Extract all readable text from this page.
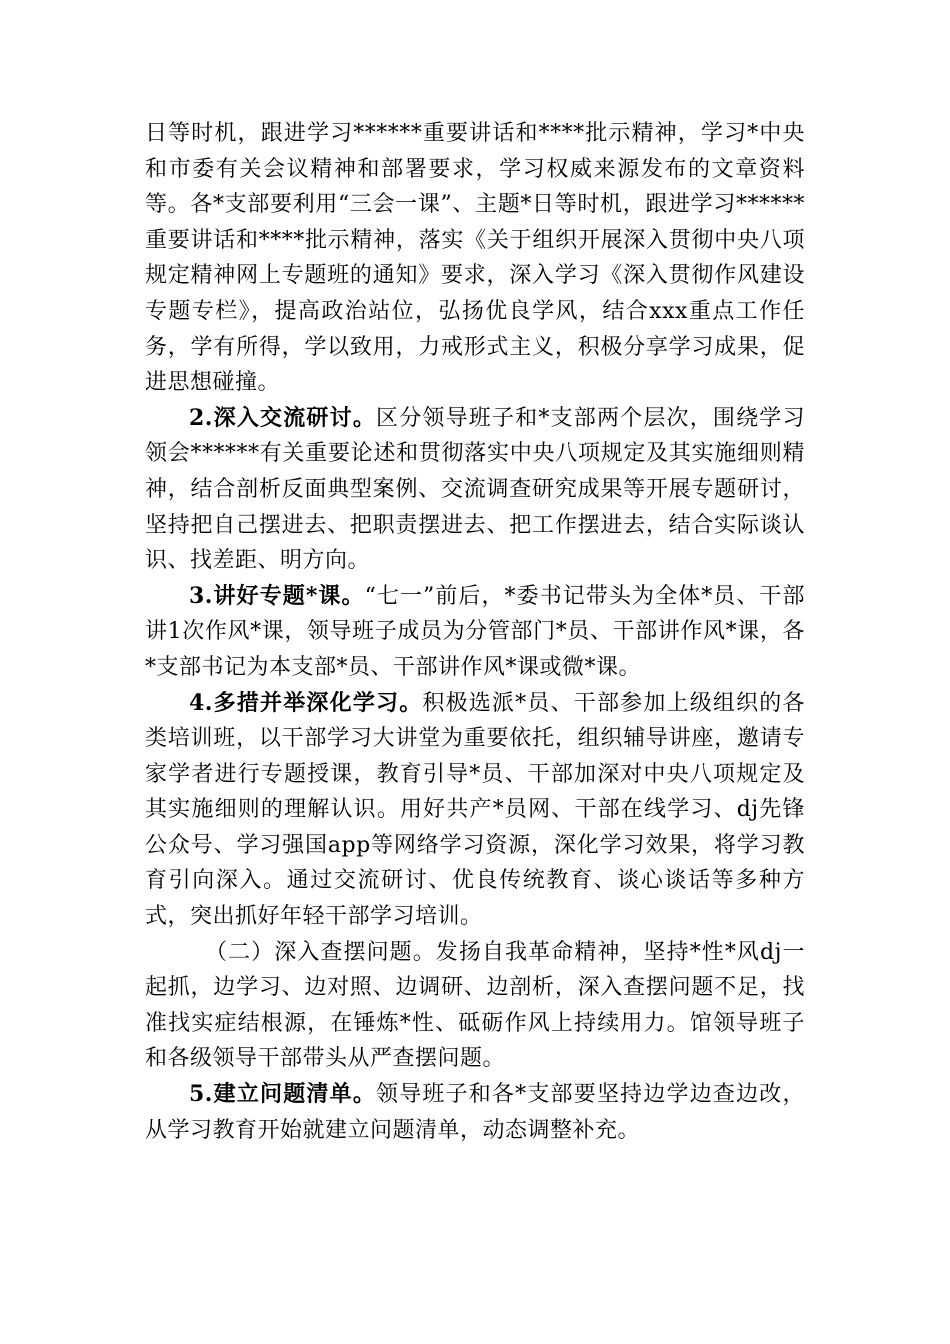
日等时机，跟进学习******重要讲话和****批示精神，学习*中央和市委有关会议精神和部署要求，学习权威来源发布的文章资料等。各*支部要利用“三会一课”、主题*日等时机，跟进学习******重要讲话和****批示精神，落实《关于组织开展深入贯彻中央八项规定精神网上专题班的通知》要求，深入学习《深入贯彻作风建设专题专栏》，提高政治站位，弘扬优良学风，结合xxx重点工作任务，学有所得，学以致用，力戒形式主义，积极分享学习成果，促进思想碰撞。

2.深入交流研讨。区分领导班子和*支部两个层次，围绕学习领会******有关重要论述和贯彻落实中央八项规定及其实施细则精神，结合剖析反面典型案例、交流调查研究成果等开展专题研讨，坚持把自己摆进去、把职责摆进去、把工作摆进去，结合实际谈认识、找差距、明方向。

3.讲好专题*课。“七一”前后，*委书记带头为全体*员、干部讲1次作风*课，领导班子成员为分管部门*员、干部讲作风*课，各*支部书记为本支部*员、干部讲作风*课或微*课。

4.多措并举深化学习。积极选派*员、干部参加上级组织的各类培训班，以干部学习大讲堂为重要依托，组织辅导讲座，邀请专家学者进行专题授课，教育引导*员、干部加深对中央八项规定及其实施细则的理解认识。用好共产*员网、干部在线学习、dj先锋公众号、学习强国app等网络学习资源，深化学习效果，将学习教育引向深入。通过交流研讨、优良传统教育、谈心谈话等多种方式，突出抓好年轻干部学习培训。

（二）深入查摆问题。发扬自我革命精神，坚持*性*风dj一起抓，边学习、边对照、边调研、边剖析，深入查摆问题不足，找准找实症结根源，在锤炼*性、砥砺作风上持续用力。馆领导班子和各级领导干部带头从严查摆问题。

5.建立问题清单。领导班子和各*支部要坚持边学边查边改，从学习教育开始就建立问题清单，动态调整补充。
